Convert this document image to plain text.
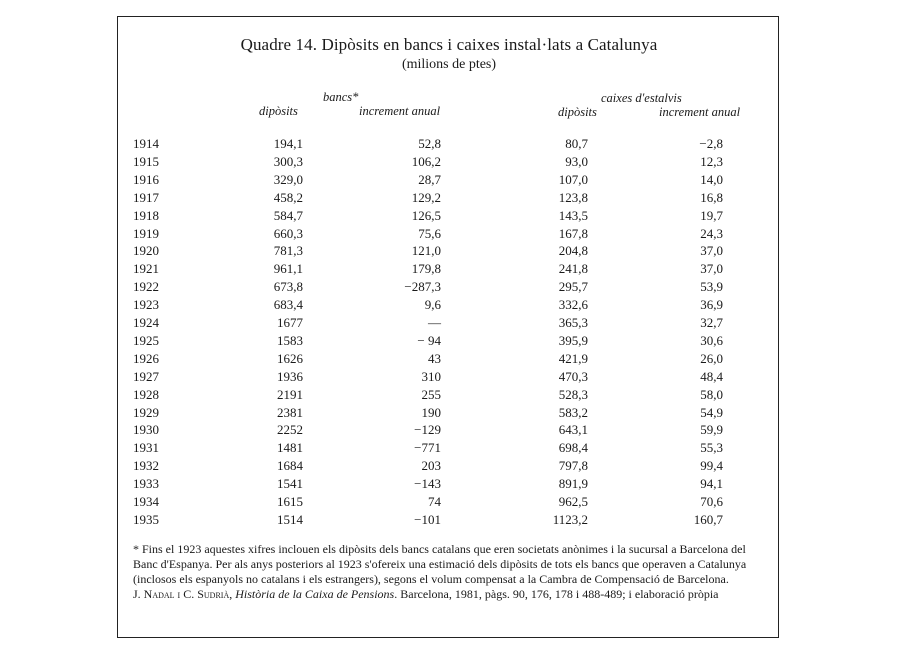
Quadre 14. Dipòsits en bancs i caixes instal·lats a Catalunya
(milions de ptes)
bancs*
dipòsits	increment anual
caixes d'estalvis
dipòsits	increment anual
1914	194,1	52,8	80,7	−2,8
1915	300,3	106,2	93,0	12,3
1916	329,0	28,7	107,0	14,0
1917	458,2	129,2	123,8	16,8
1918	584,7	126,5	143,5	19,7
1919	660,3	75,6	167,8	24,3
1920	781,3	121,0	204,8	37,0
1921	961,1	179,8	241,8	37,0
1922	673,8	−287,3	295,7	53,9
1923	683,4	9,6	332,6	36,9
1924	1677	—	365,3	32,7
1925	1583	− 94	395,9	30,6
1926	1626	43	421,9	26,0
1927	1936	310	470,3	48,4
1928	2191	255	528,3	58,0
1929	2381	190	583,2	54,9
1930	2252	−129	643,1	59,9
1931	1481	−771	698,4	55,3
1932	1684	203	797,8	99,4
1933	1541	−143	891,9	94,1
1934	1615	74	962,5	70,6
1935	1514	−101	1123,2	160,7

* Fins el 1923 aquestes xifres inclouen els dipòsits dels bancs catalans que eren societats anònimes i la sucursal a Barcelona del Banc d'Espanya. Per als anys posteriors al 1923 s'ofereix una estimació dels dipòsits de tots els bancs que operaven a Catalunya (inclosos els espanyols no catalans i els estrangers), segons el volum compensat a la Cambra de Compensació de Barcelona.

J. Nadal i C. Sudrià, Història de la Caixa de Pensions. Barcelona, 1981, pàgs. 90, 176, 178 i 488-489; i elaboració pròpia
